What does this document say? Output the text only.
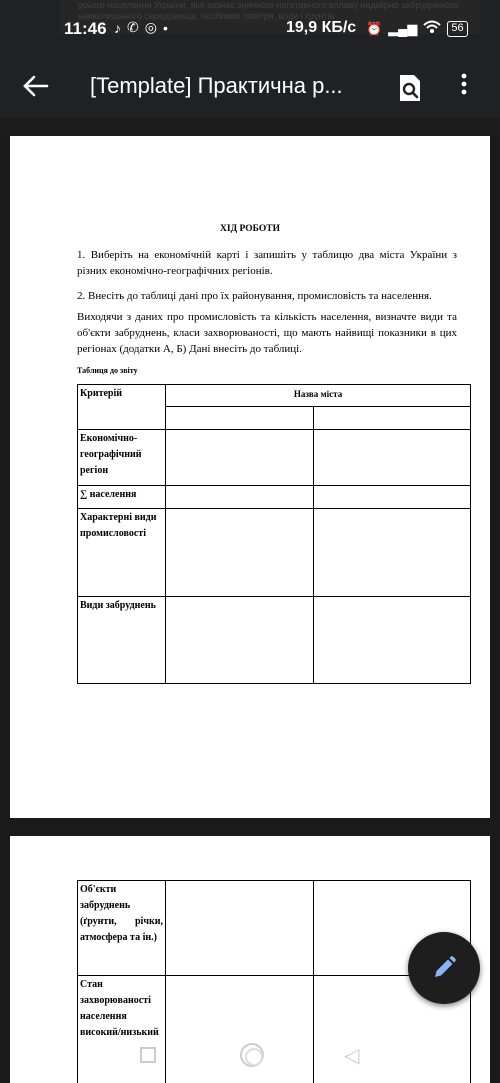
усього населення України, яке зазнає значного негативного впливу надмірно забрудненого навколишнього середовища, особливо повітря, води і ґрунтів
11:46 ♪ ✆ ◎ •	19,9 КБ/с ⏰ ▂▄▆	56
[Template] Практична р...
ХІД РОБОТИ

1. Виберіть на економічній карті і запишіть у таблицю два міста України з різних економічно-географічних регіонів.

2. Внесіть до таблиці дані про їх районування, промисловість та населення.

Виходячи з даних про промисловість та кількість населення, визначте види та об'єкти забруднень, класи захворюваності, що мають найвищі показники в цих регіонах (додатки А, Б) Дані внесіть до таблиці.

Таблиця до звіту
Критерій	Назва міста	

Економічно-географічний регіон		
∑ населення		
Характерні види промисловості		
Види забруднень		
Об'єкти забруднень (ґрунти, річки, атмосфера та ін.)		
Стан захворюваності населення високий/низький		
◁
